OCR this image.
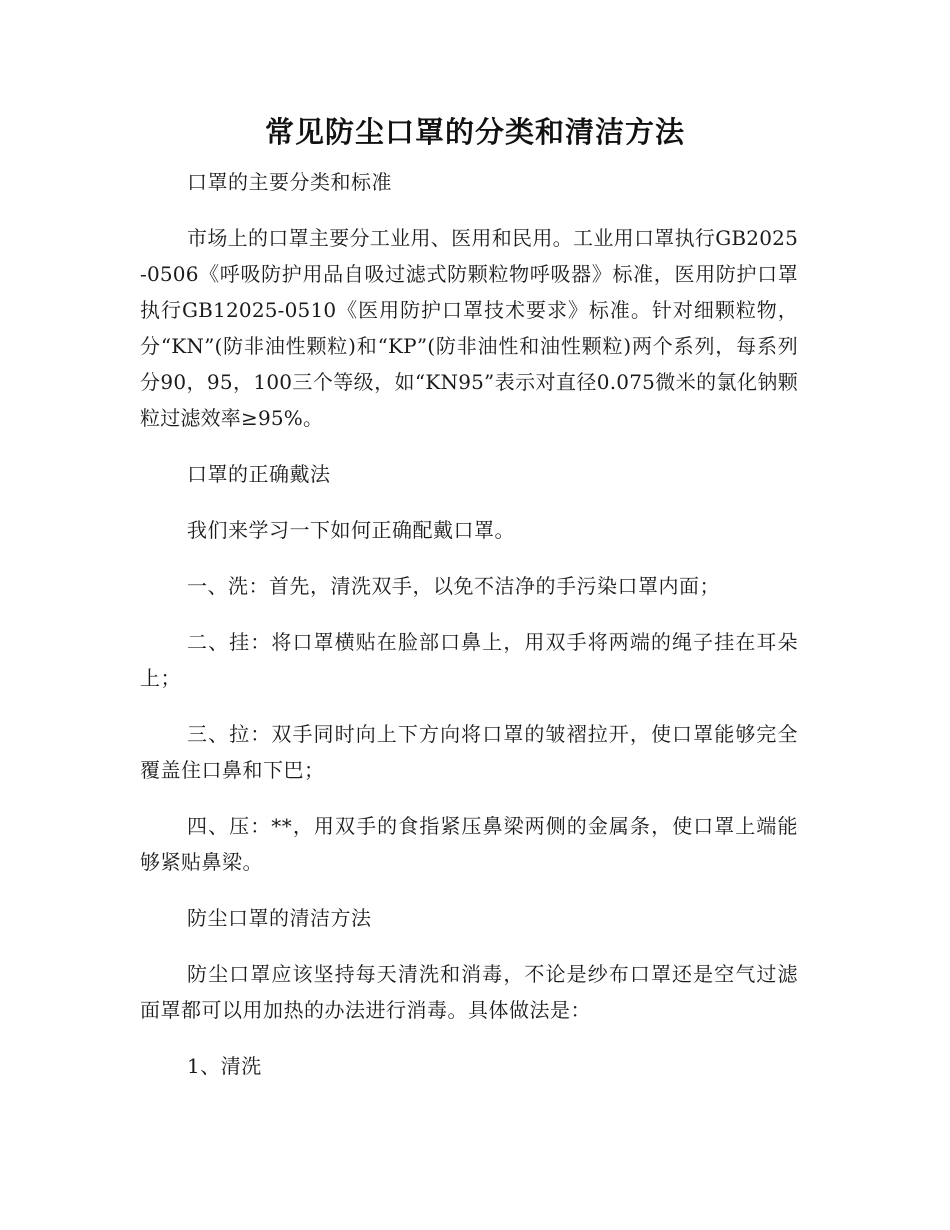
常见防尘口罩的分类和清洁方法

口罩的主要分类和标准

市场上的口罩主要分工业用、医用和民用。工业用口罩执行GB2025-0506《呼吸防护用品自吸过滤式防颗粒物呼吸器》标准，医用防护口罩执行GB12025-0510《医用防护口罩技术要求》标准。针对细颗粒物，分“KN”(防非油性颗粒)和“KP”(防非油性和油性颗粒)两个系列，每系列分90，95，100三个等级，如“KN95”表示对直径0.075微米的氯化钠颗粒过滤效率≥95%。

口罩的正确戴法

我们来学习一下如何正确配戴口罩。

一、洗：首先，清洗双手，以免不洁净的手污染口罩内面；

二、挂：将口罩横贴在脸部口鼻上，用双手将两端的绳子挂在耳朵上；

三、拉：双手同时向上下方向将口罩的皱褶拉开，使口罩能够完全覆盖住口鼻和下巴；

四、压：**，用双手的食指紧压鼻梁两侧的金属条，使口罩上端能够紧贴鼻梁。

防尘口罩的清洁方法

防尘口罩应该坚持每天清洗和消毒，不论是纱布口罩还是空气过滤面罩都可以用加热的办法进行消毒。具体做法是：

1、清洗
